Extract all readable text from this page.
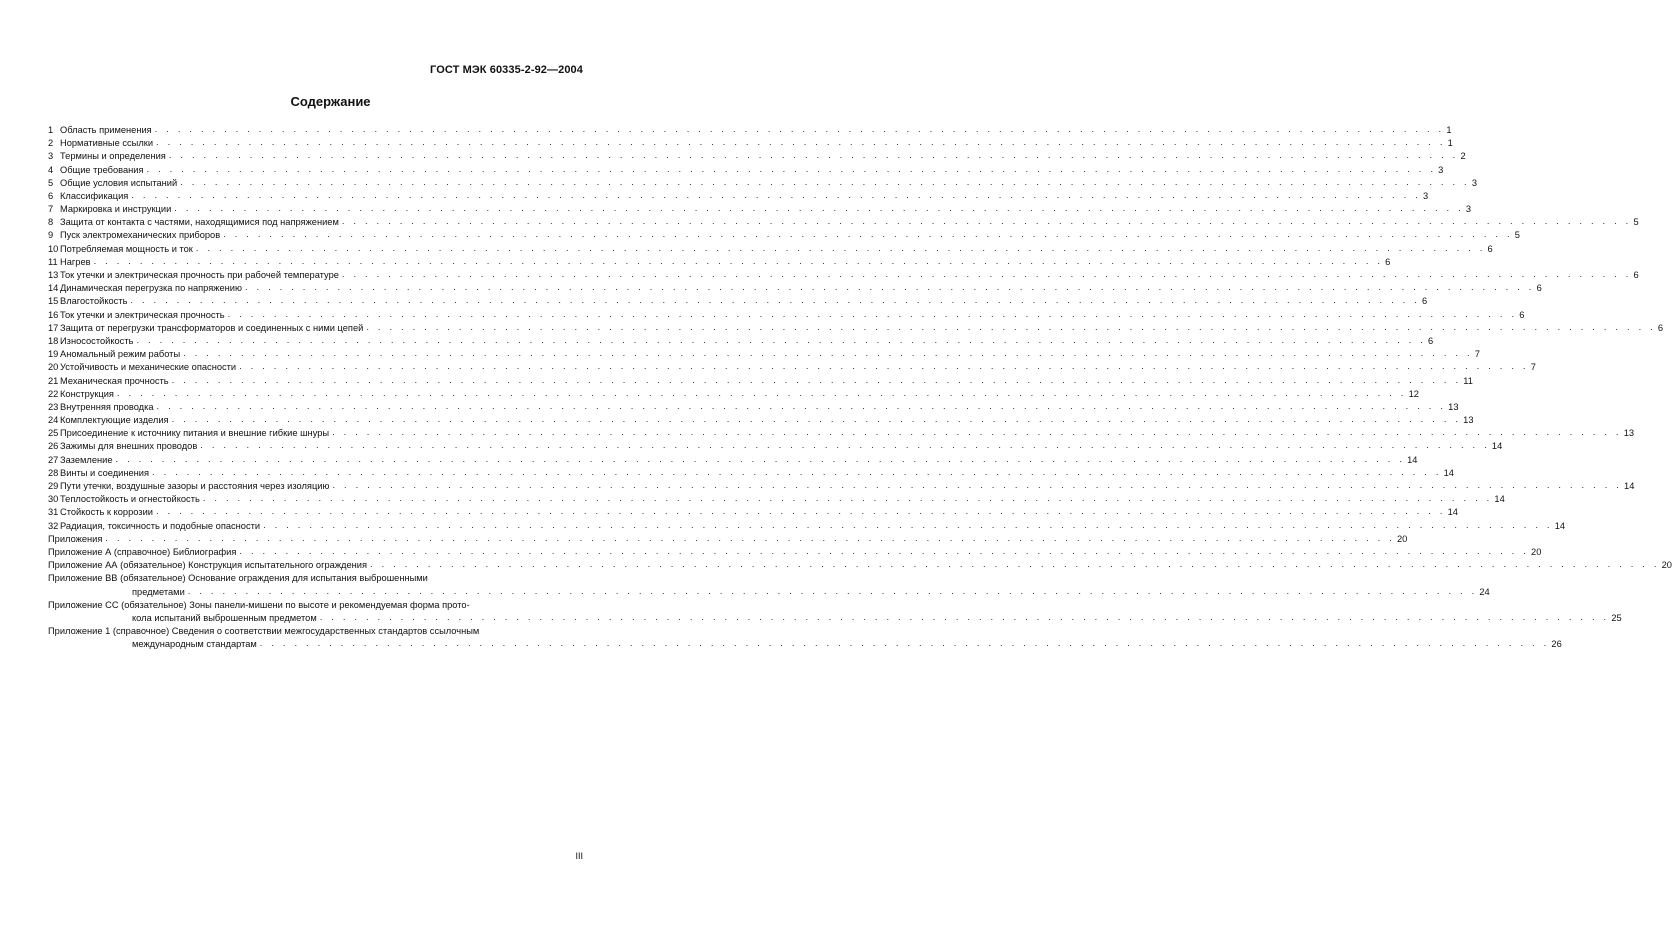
ГОСТ МЭК 60335-2-92—2004
Содержание
1 Область применения . . . . . . . . . . . . . . . . . . . . . . . . . . . . . . . . . . . . . . . . . . . . . . . . . . . . . . . . . . . . . . . . . . . . . . . . . . . . . . . . . . . . . . . . . . . . . . . . . . . . . . . . . . . . . . . . 1
2 Нормативные ссылки . . . . . . . . . . . . . . . . . . . . . . . . . . . . . . . . . . . . . . . . . . . . . . . . . . . . . . . . . . . . . . . . . . . . . . . . . . . . . . . . . . . . . . . . . . . . . . . . . . . . . . . . . . . . . . . . 1
3 Термины и определения . . . . . . . . . . . . . . . . . . . . . . . . . . . . . . . . . . . . . . . . . . . . . . . . . . . . . . . . . . . . . . . . . . . . . . . . . . . . . . . . . . . . . . . . . . . . . . . . . . . . . . . . . . . . . . . . 2
4 Общие требования . . . . . . . . . . . . . . . . . . . . . . . . . . . . . . . . . . . . . . . . . . . . . . . . . . . . . . . . . . . . . . . . . . . . . . . . . . . . . . . . . . . . . . . . . . . . . . . . . . . . . . . . . . . . . . . . 3
5 Общие условия испытаний . . . . . . . . . . . . . . . . . . . . . . . . . . . . . . . . . . . . . . . . . . . . . . . . . . . . . . . . . . . . . . . . . . . . . . . . . . . . . . . . . . . . . . . . . . . . . . . . . . . . . . . . . . . . . . . . 3
6 Классификация . . . . . . . . . . . . . . . . . . . . . . . . . . . . . . . . . . . . . . . . . . . . . . . . . . . . . . . . . . . . . . . . . . . . . . . . . . . . . . . . . . . . . . . . . . . . . . . . . . . . . . . . . . . . . . . . 3
7 Маркировка и инструкции . . . . . . . . . . . . . . . . . . . . . . . . . . . . . . . . . . . . . . . . . . . . . . . . . . . . . . . . . . . . . . . . . . . . . . . . . . . . . . . . . . . . . . . . . . . . . . . . . . . . . . . . . . . . . . . . 3
8 Защита от контакта с частями, находящимися под напряжением . . . . . . . . . . . . . . . . . . . . . . . . . . . . . . . . . . . . . . . . . . . . . . . . . . . . . . . . . . . . . . . . . . . . . . . . . . . . . . . . . . . . . . . . . . . . . . . . . . . . . . . . . . . . . . . . 5
9 Пуск электромеханических приборов . . . . . . . . . . . . . . . . . . . . . . . . . . . . . . . . . . . . . . . . . . . . . . . . . . . . . . . . . . . . . . . . . . . . . . . . . . . . . . . . . . . . . . . . . . . . . . . . . . . . . . . . . . . . . . . . 5
10 Потребляемая мощность и ток . . . . . . . . . . . . . . . . . . . . . . . . . . . . . . . . . . . . . . . . . . . . . . . . . . . . . . . . . . . . . . . . . . . . . . . . . . . . . . . . . . . . . . . . . . . . . . . . . . . . . . . . . . . . . . . . 6
11 Нагрев . . . . . . . . . . . . . . . . . . . . . . . . . . . . . . . . . . . . . . . . . . . . . . . . . . . . . . . . . . . . . . . . . . . . . . . . . . . . . . . . . . . . . . . . . . . . . . . . . . . . . . . . . . . . . . . . 6
13 Ток утечки и электрическая прочность при рабочей температуре . . . . . . . . . . . . . . . . . . . . . . . . . . . . . . . . . . . . . . . . . . . . . . . . . . . . . . . . . . . . . . . . . . . . . . . . . . . . . . . . . . . . . . . . . . . . . . . . . . . . . . . . . . . . . . . . 6
14 Динамическая перегрузка по напряжению . . . . . . . . . . . . . . . . . . . . . . . . . . . . . . . . . . . . . . . . . . . . . . . . . . . . . . . . . . . . . . . . . . . . . . . . . . . . . . . . . . . . . . . . . . . . . . . . . . . . . . . . . . . . . . . . 6
15 Влагостойкость . . . . . . . . . . . . . . . . . . . . . . . . . . . . . . . . . . . . . . . . . . . . . . . . . . . . . . . . . . . . . . . . . . . . . . . . . . . . . . . . . . . . . . . . . . . . . . . . . . . . . . . . . . . . . . . . 6
16 Ток утечки и электрическая прочность . . . . . . . . . . . . . . . . . . . . . . . . . . . . . . . . . . . . . . . . . . . . . . . . . . . . . . . . . . . . . . . . . . . . . . . . . . . . . . . . . . . . . . . . . . . . . . . . . . . . . . . . . . . . . . . . 6
17 Защита от перегрузки трансформаторов и соединенных с ними цепей . . . . . . . . . . . . . . . . . . . . . . . . . . . . . . . . . . . . . . . . . . . . . . . . . . . . . . . . . . . . . . . . . . . . . . . . . . . . . . . . . . . . . . . . . . . . . . . . . . . . . . . . . . . . . . . . 6
18 Износостойкость . . . . . . . . . . . . . . . . . . . . . . . . . . . . . . . . . . . . . . . . . . . . . . . . . . . . . . . . . . . . . . . . . . . . . . . . . . . . . . . . . . . . . . . . . . . . . . . . . . . . . . . . . . . . . . . . 6
19 Аномальный режим работы . . . . . . . . . . . . . . . . . . . . . . . . . . . . . . . . . . . . . . . . . . . . . . . . . . . . . . . . . . . . . . . . . . . . . . . . . . . . . . . . . . . . . . . . . . . . . . . . . . . . . . . . . . . . . . . . 7
20 Устойчивость и механические опасности . . . . . . . . . . . . . . . . . . . . . . . . . . . . . . . . . . . . . . . . . . . . . . . . . . . . . . . . . . . . . . . . . . . . . . . . . . . . . . . . . . . . . . . . . . . . . . . . . . . . . . . . . . . . . . . . 7
21 Механическая прочность . . . . . . . . . . . . . . . . . . . . . . . . . . . . . . . . . . . . . . . . . . . . . . . . . . . . . . . . . . . . . . . . . . . . . . . . . . . . . . . . . . . . . . . . . . . . . . . . . . . . . . . . . . . . . . . . 11
22 Конструкция . . . . . . . . . . . . . . . . . . . . . . . . . . . . . . . . . . . . . . . . . . . . . . . . . . . . . . . . . . . . . . . . . . . . . . . . . . . . . . . . . . . . . . . . . . . . . . . . . . . . . . . . . . . . . . . . 12
23 Внутренняя проводка . . . . . . . . . . . . . . . . . . . . . . . . . . . . . . . . . . . . . . . . . . . . . . . . . . . . . . . . . . . . . . . . . . . . . . . . . . . . . . . . . . . . . . . . . . . . . . . . . . . . . . . . . . . . . . . . 13
24 Комплектующие изделия . . . . . . . . . . . . . . . . . . . . . . . . . . . . . . . . . . . . . . . . . . . . . . . . . . . . . . . . . . . . . . . . . . . . . . . . . . . . . . . . . . . . . . . . . . . . . . . . . . . . . . . . . . . . . . . . 13
25 Присоединение к источнику питания и внешние гибкие шнуры . . . . . . . . . . . . . . . . . . . . . . . . . . . . . . . . . . . . . . . . . . . . . . . . . . . . . . . . . . . . . . . . . . . . . . . . . . . . . . . . . . . . . . . . . . . . . . . . . . . . . . . . . . . . . . . . 13
26 Зажимы для внешних проводов . . . . . . . . . . . . . . . . . . . . . . . . . . . . . . . . . . . . . . . . . . . . . . . . . . . . . . . . . . . . . . . . . . . . . . . . . . . . . . . . . . . . . . . . . . . . . . . . . . . . . . . . . . . . . . . . 14
27 Заземление . . . . . . . . . . . . . . . . . . . . . . . . . . . . . . . . . . . . . . . . . . . . . . . . . . . . . . . . . . . . . . . . . . . . . . . . . . . . . . . . . . . . . . . . . . . . . . . . . . . . . . . . . . . . . . . . 14
28 Винты и соединения . . . . . . . . . . . . . . . . . . . . . . . . . . . . . . . . . . . . . . . . . . . . . . . . . . . . . . . . . . . . . . . . . . . . . . . . . . . . . . . . . . . . . . . . . . . . . . . . . . . . . . . . . . . . . . . . 14
29 Пути утечки, воздушные зазоры и расстояния через изоляцию . . . . . . . . . . . . . . . . . . . . . . . . . . . . . . . . . . . . . . . . . . . . . . . . . . . . . . . . . . . . . . . . . . . . . . . . . . . . . . . . . . . . . . . . . . . . . . . . . . . . . . . . . . . . . . . . 14
30 Теплостойкость и огнестойкость . . . . . . . . . . . . . . . . . . . . . . . . . . . . . . . . . . . . . . . . . . . . . . . . . . . . . . . . . . . . . . . . . . . . . . . . . . . . . . . . . . . . . . . . . . . . . . . . . . . . . . . . . . . . . . . . 14
31 Стойкость к коррозии . . . . . . . . . . . . . . . . . . . . . . . . . . . . . . . . . . . . . . . . . . . . . . . . . . . . . . . . . . . . . . . . . . . . . . . . . . . . . . . . . . . . . . . . . . . . . . . . . . . . . . . . . . . . . . . . 14
32 Радиация, токсичность и подобные опасности . . . . . . . . . . . . . . . . . . . . . . . . . . . . . . . . . . . . . . . . . . . . . . . . . . . . . . . . . . . . . . . . . . . . . . . . . . . . . . . . . . . . . . . . . . . . . . . . . . . . . . . . . . . . . . . . 14
Приложения . . . . . . . . . . . . . . . . . . . . . . . . . . . . . . . . . . . . . . . . . . . . . . . . . . . . . . . . . . . . . . . . . . . . . . . . . . . . . . . . . . . . . . . . . . . . . . . . . . . . . . . . . . . . . . . . 20
Приложение А (справочное) Библиография . . . . . . . . . . . . . . . . . . . . . . . . . . . . . . . . . . . . . . . . . . . . . . . . . . . . . . . . . . . . . . . . . . . . . . . . . . . . . . . . . . . . . . . . . . . . . . . . . . . . . . . . . . . . . . . . 20
Приложение АА (обязательное) Конструкция испытательного ограждения . . . . . . . . . . . . . . . . . . . . . . . . . . . . . . . . . . . . . . . . . . . . . . . . . . . . . . . . . . . . . . . . . . . . . . . . . . . . . . . . . . . . . . . . . . . . . . . . . . . . . . . . . . . . . . . . 20
Приложение ВВ (обязательное) Основание ограждения для испытания выброшенными
предметами . . . . . . . . . . . . . . . . . . . . . . . . . . . . . . . . . . . . . . . . . . . . . . . . . . . . . . . . . . . . . . . . . . . . . . . . . . . . . . . . . . . . . . . . . . . . . . . . . . . . . . . . . . . . . . . . 24
Приложение СС (обязательное) Зоны панели-мишени по высоте и рекомендуемая форма прото-
кола испытаний выброшенным предметом . . . . . . . . . . . . . . . . . . . . . . . . . . . . . . . . . . . . . . . . . . . . . . . . . . . . . . . . . . . . . . . . . . . . . . . . . . . . . . . . . . . . . . . . . . . . . . . . . . . . . . . . . . . . . . . . 25
Приложение 1 (справочное) Сведения о соответствии межгосударственных стандартов ссылочным
международным стандартам . . . . . . . . . . . . . . . . . . . . . . . . . . . . . . . . . . . . . . . . . . . . . . . . . . . . . . . . . . . . . . . . . . . . . . . . . . . . . . . . . . . . . . . . . . . . . . . . . . . . . . . . . . . . . . . . 26
III
